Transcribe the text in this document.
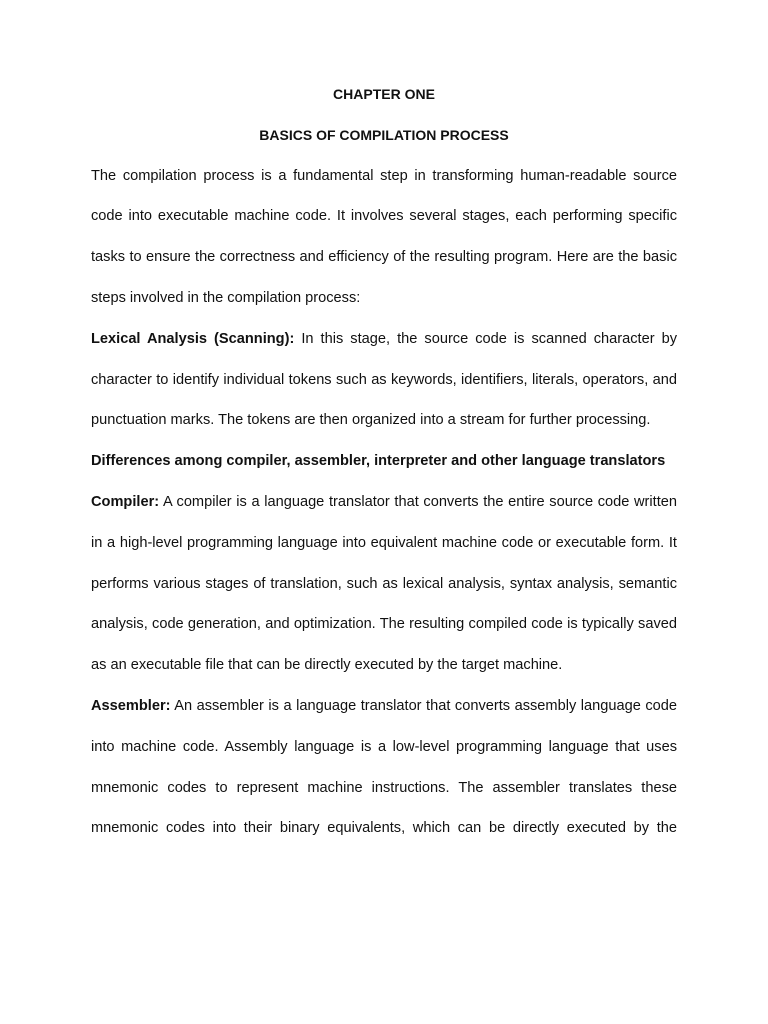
CHAPTER ONE

BASICS OF COMPILATION PROCESS

The compilation process is a fundamental step in transforming human-readable source code into executable machine code. It involves several stages, each performing specific tasks to ensure the correctness and efficiency of the resulting program. Here are the basic steps involved in the compilation process:

Lexical Analysis (Scanning): In this stage, the source code is scanned character by character to identify individual tokens such as keywords, identifiers, literals, operators, and punctuation marks. The tokens are then organized into a stream for further processing.

Differences among compiler, assembler, interpreter and other language translators

Compiler: A compiler is a language translator that converts the entire source code written in a high-level programming language into equivalent machine code or executable form. It performs various stages of translation, such as lexical analysis, syntax analysis, semantic analysis, code generation, and optimization. The resulting compiled code is typically saved as an executable file that can be directly executed by the target machine.

Assembler: An assembler is a language translator that converts assembly language code into machine code. Assembly language is a low-level programming language that uses mnemonic codes to represent machine instructions. The assembler translates these mnemonic codes into their binary equivalents, which can be directly executed by the
